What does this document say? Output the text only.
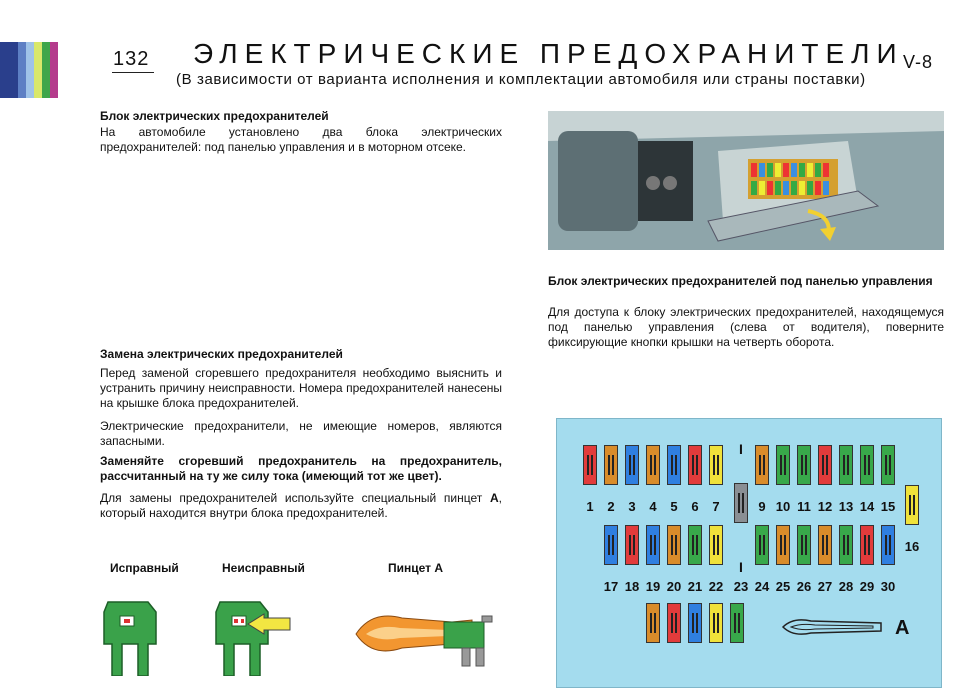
132 ЭЛЕКТРИЧЕСКИЕ ПРЕДОХРАНИТЕЛИ V-8
(В зависимости от варианта исполнения и комплектации автомобиля или страны поставки)
Блок электрических предохранителей
На автомобиле установлено два блока электрических предохранителей: под панелью управления и в моторном отсеке.
Блок электрических предохранителей под панелью управления
Для доступа к блоку электрических предохранителей, находящемуся под панелью управления (слева от водителя), поверните фиксирующие кнопки крышки на четверть оборота.
Замена электрических предохранителей
Перед заменой сгоревшего предохранителя необходимо выяснить и устранить причину неисправности. Номера предохранителей нанесены на крышке блока предохранителей.
Электрические предохранители, не имеющие номеров, являются запасными.
Заменяйте сгоревший предохранитель на предохранитель, рассчитанный на ту же силу тока (имеющий тот же цвет).
Для замены предохранителей используйте специальный пинцет А, который находится внутри блока предохранителей.
Исправный	Неисправный	Пинцет А
I
I
A
1	2	3	4	5	6	7	9 10 11 12 13 14 15
16
17 18 19 20 21 22 23 24 25 26 27 28 29 30
